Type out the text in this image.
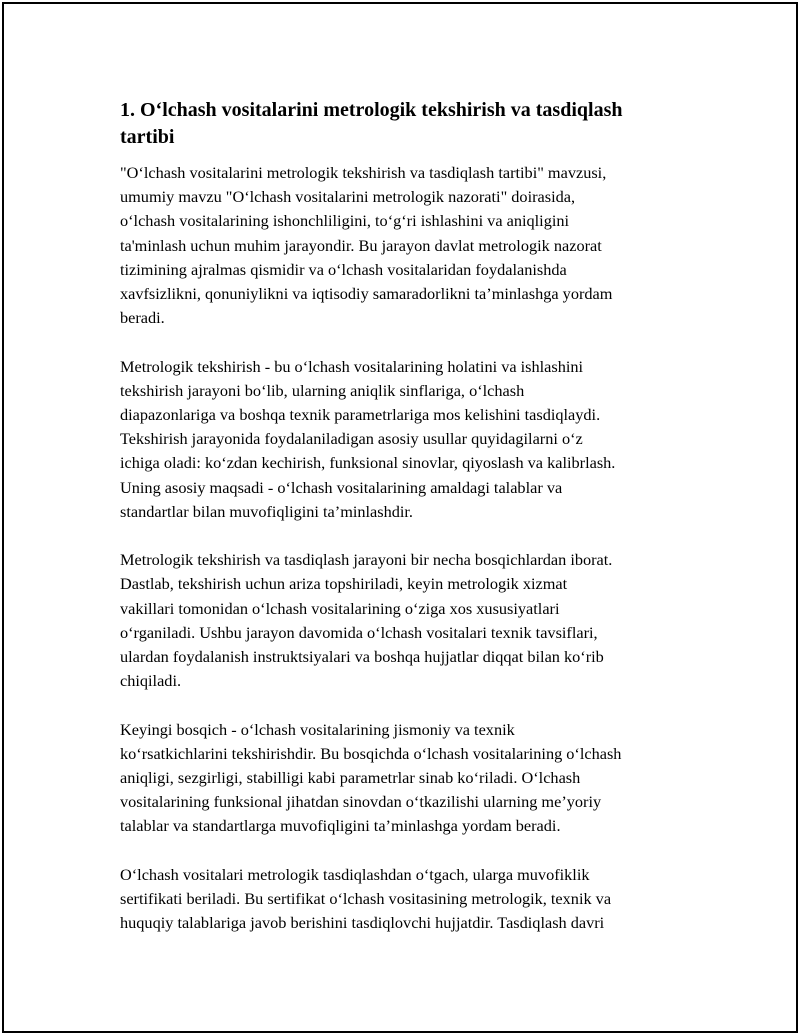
1. O‘lchash vositalarini metrologik tekshirish va tasdiqlash
tartibi

"O‘lchash vositalarini metrologik tekshirish va tasdiqlash tartibi" mavzusi,
umumiy mavzu "O‘lchash vositalarini metrologik nazorati" doirasida,
o‘lchash vositalarining ishonchliligini, to‘g‘ri ishlashini va aniqligini
ta'minlash uchun muhim jarayondir. Bu jarayon davlat metrologik nazorat
tizimining ajralmas qismidir va o‘lchash vositalaridan foydalanishda
xavfsizlikni, qonuniylikni va iqtisodiy samaradorlikni ta’minlashga yordam
beradi.

Metrologik tekshirish - bu o‘lchash vositalarining holatini va ishlashini
tekshirish jarayoni bo‘lib, ularning aniqlik sinflariga, o‘lchash
diapazonlariga va boshqa texnik parametrlariga mos kelishini tasdiqlaydi.
Tekshirish jarayonida foydalaniladigan asosiy usullar quyidagilarni o‘z
ichiga oladi: ko‘zdan kechirish, funksional sinovlar, qiyoslash va kalibrlash.
Uning asosiy maqsadi - o‘lchash vositalarining amaldagi talablar va
standartlar bilan muvofiqligini ta’minlashdir.

Metrologik tekshirish va tasdiqlash jarayoni bir necha bosqichlardan iborat.
Dastlab, tekshirish uchun ariza topshiriladi, keyin metrologik xizmat
vakillari tomonidan o‘lchash vositalarining o‘ziga xos xususiyatlari
o‘rganiladi. Ushbu jarayon davomida o‘lchash vositalari texnik tavsiflari,
ulardan foydalanish instruktsiyalari va boshqa hujjatlar diqqat bilan ko‘rib
chiqiladi.

Keyingi bosqich - o‘lchash vositalarining jismoniy va texnik
ko‘rsatkichlarini tekshirishdir. Bu bosqichda o‘lchash vositalarining o‘lchash
aniqligi, sezgirligi, stabilligi kabi parametrlar sinab ko‘riladi. O‘lchash
vositalarining funksional jihatdan sinovdan o‘tkazilishi ularning me’yoriy
talablar va standartlarga muvofiqligini ta’minlashga yordam beradi.

O‘lchash vositalari metrologik tasdiqlashdan o‘tgach, ularga muvofiklik
sertifikati beriladi. Bu sertifikat o‘lchash vositasining metrologik, texnik va
huquqiy talablariga javob berishini tasdiqlovchi hujjatdir. Tasdiqlash davri
